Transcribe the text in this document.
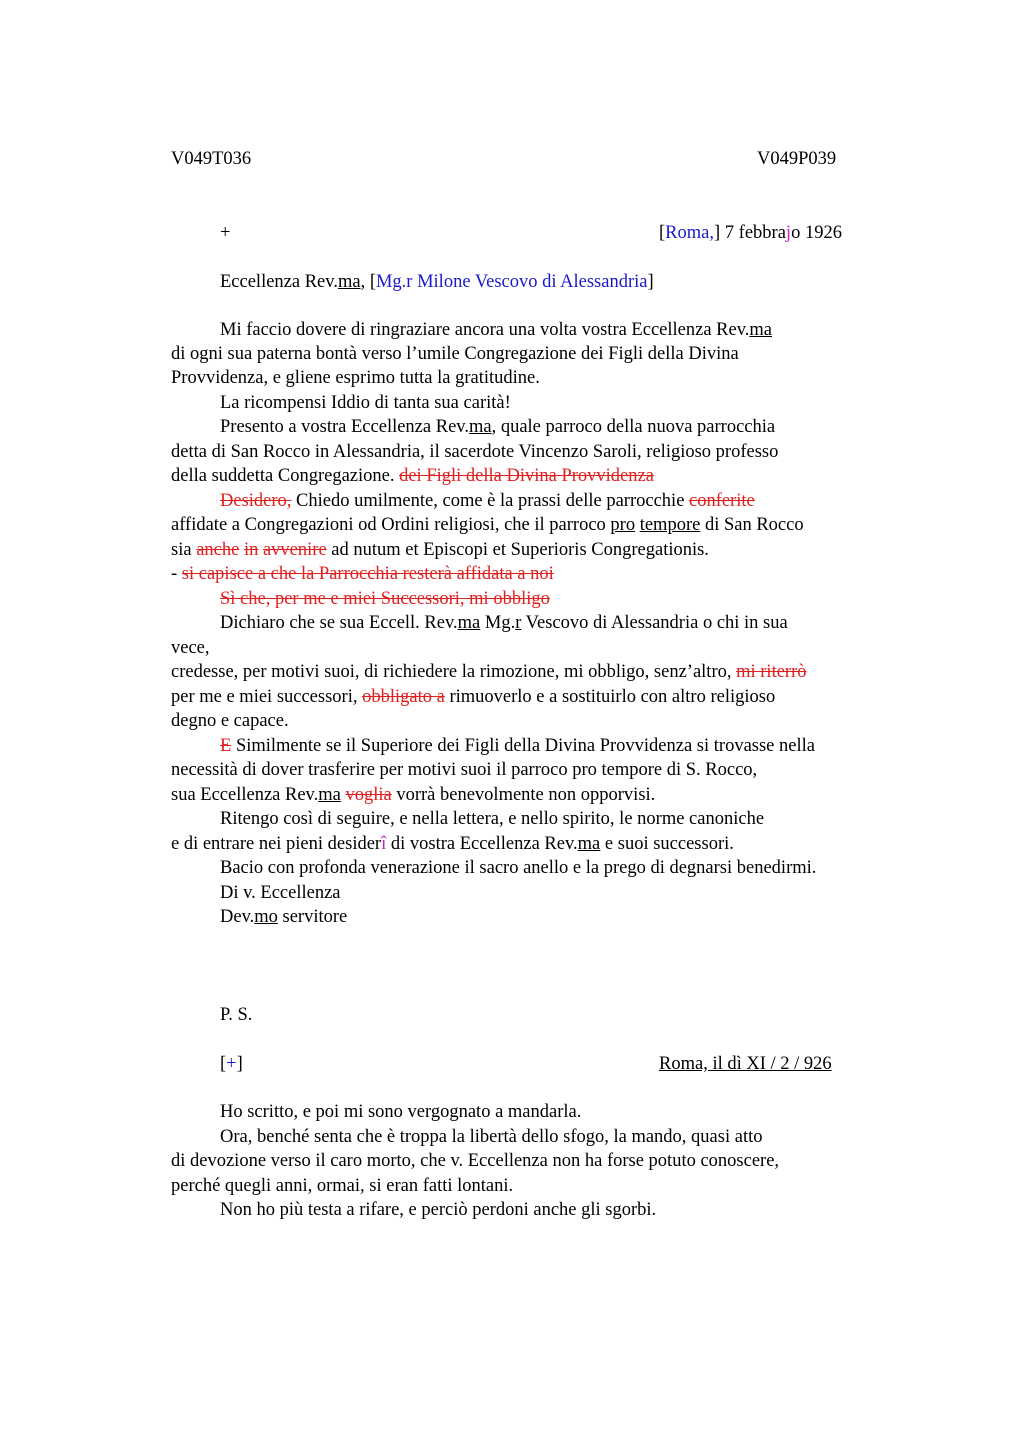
V049T036	V049P039
+	[Roma,] 7 febbrajo 1926
Eccellenza Rev.ma, [Mg.r Milone Vescovo di Alessandria]
Mi faccio dovere di ringraziare ancora una volta vostra Eccellenza Rev.ma
di ogni sua paterna bontà verso l’umile Congregazione dei Figli della Divina
Provvidenza, e gliene esprimo tutta la gratitudine.
La ricompensi Iddio di tanta sua carità!
Presento a vostra Eccellenza Rev.ma, quale parroco della nuova parrocchia
detta di San Rocco in Alessandria, il sacerdote Vincenzo Saroli, religioso professo
della suddetta Congregazione. dei Figli della Divina Provvidenza
Desidero, Chiedo umilmente, come è la prassi delle parrocchie conferite
affidate a Congregazioni od Ordini religiosi, che il parroco pro tempore di San Rocco
sia anche in avvenire ad nutum et Episcopi et Superioris Congregationis.
- si capisce a che la Parrocchia resterà affidata a noi
Sì che, per me e miei Successori, mi obbligo
Dichiaro che se sua Eccell. Rev.ma Mg.r Vescovo di Alessandria o chi in sua
vece,
credesse, per motivi suoi, di richiedere la rimozione, mi obbligo, senz’altro, mi riterrò
per me e miei successori, obbligato a rimuoverlo e a sostituirlo con altro religioso
degno e capace.
E Similmente se il Superiore dei Figli della Divina Provvidenza si trovasse nella
necessità di dover trasferire per motivi suoi il parroco pro tempore di S. Rocco,
sua Eccellenza Rev.ma voglia vorrà benevolmente non opporvisi.
Ritengo così di seguire, e nella lettera, e nello spirito, le norme canoniche
e di entrare nei pieni desiderî di vostra Eccellenza Rev.ma e suoi successori.
Bacio con profonda venerazione il sacro anello e la prego di degnarsi benedirmi.
Di v. Eccellenza
Dev.mo servitore
P. S.
[+]	Roma, il dì XI / 2 / 926
Ho scritto, e poi mi sono vergognato a mandarla.
Ora, benché senta che è troppa la libertà dello sfogo, la mando, quasi atto
di devozione verso il caro morto, che v. Eccellenza non ha forse potuto conoscere,
perché quegli anni, ormai, si eran fatti lontani.
Non ho più testa a rifare, e perciò perdoni anche gli sgorbi.
